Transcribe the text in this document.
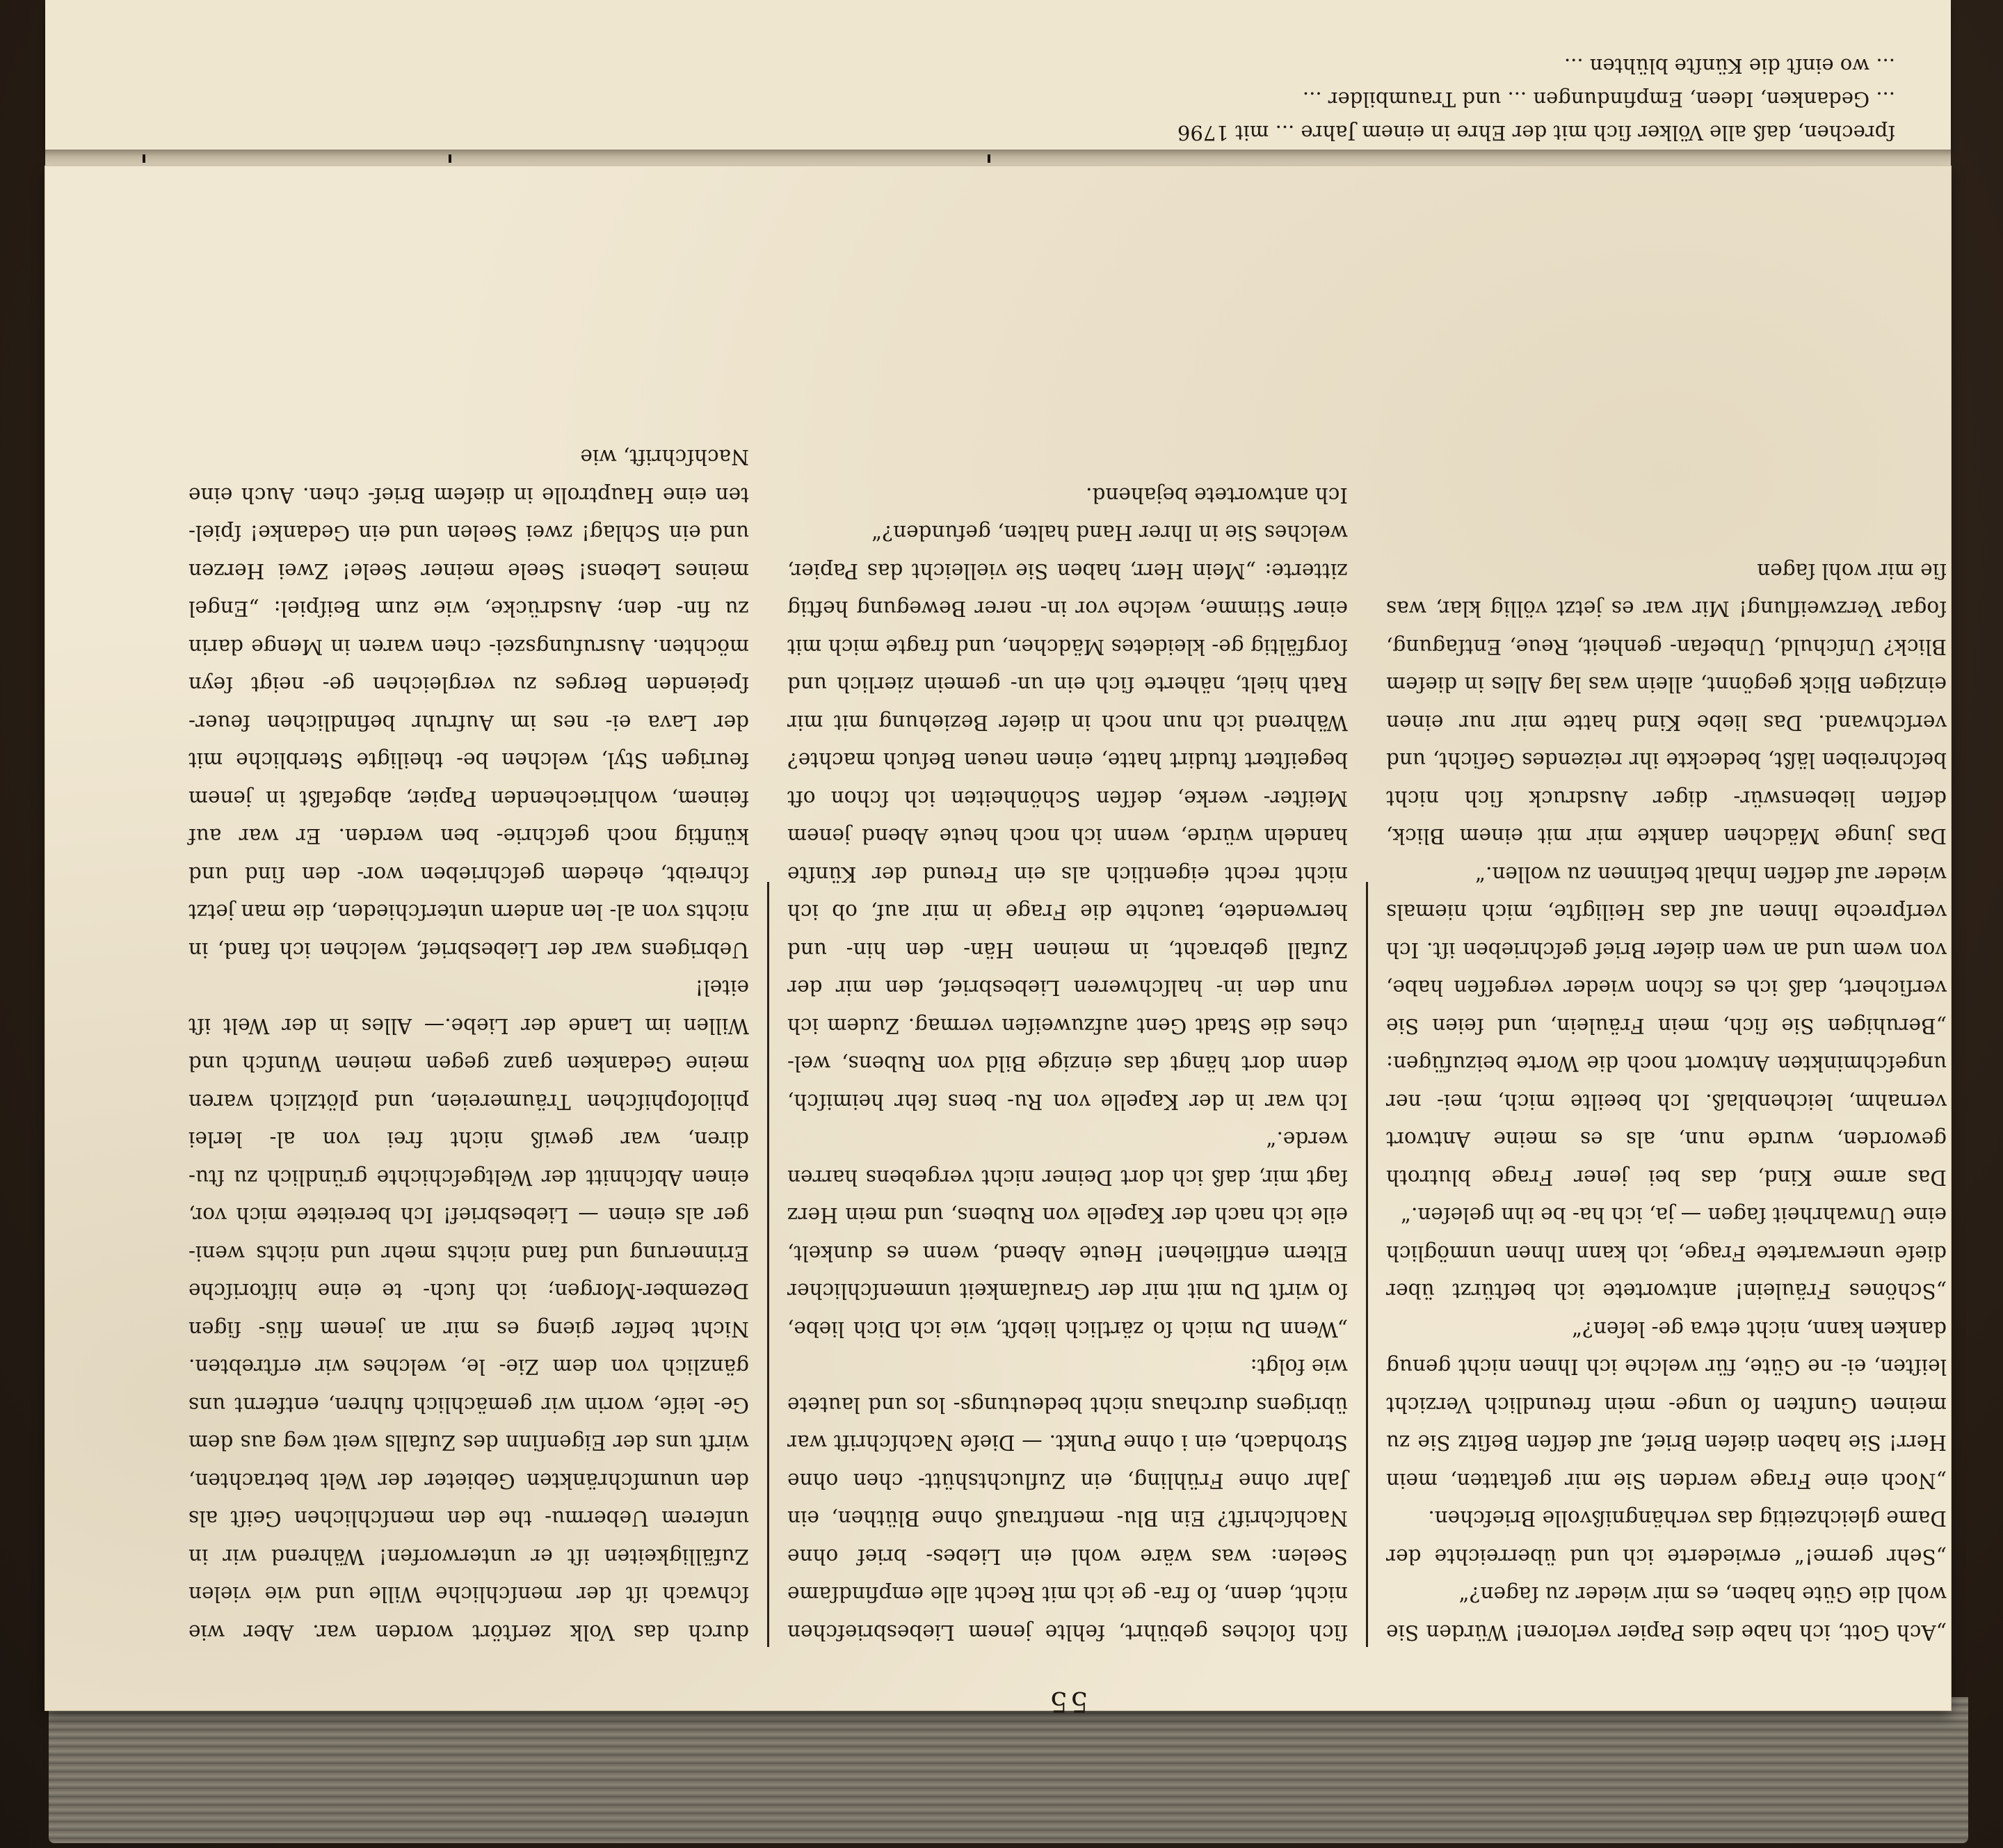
ſprechen, daß alle Völker ſich mit der Ehre in einem Jahre ... mit 1796
... Gedanken, Ideen, Empfindungen ... und Traumbilder ...
... wo einſt die Künſte blühten ...
55

„Ach Gott, ich habe dies Papier verloren! Würden Sie wohl die Güte haben, es mir wieder zu ſagen?“

„Sehr gerne!“ erwiederte ich und überreichte der Dame gleichzeitig das verhängnißvolle Briefchen.

„Noch eine Frage werden Sie mir geſtatten, mein Herr! Sie haben dieſen Brief, auf deſſen Beſitz Sie zu meinen Gunſten ſo unge- mein freundlich Verzicht leiſten, ei- ne Güte, für welche ich Ihnen nicht genug danken kann, nicht etwa ge- leſen?“

„Schönes Fräulein! antwortete ich beſtürzt über dieſe unerwartete Frage, ich kann Ihnen unmöglich eine Unwahrheit ſagen — ja, ich ha- be ihn geleſen.“

Das arme Kind, das bei jener Frage blutroth geworden, wurde nun, als es meine Antwort vernahm, leichenblaß. Ich beeilte mich, mei- ner ungeſchminkten Antwort noch die Worte beizufügen: „Beruhigen Sie ſich, mein Fräulein, und ſeien Sie verſichert, daß ich es ſchon wieder vergeſſen habe, von wem und an wen dieſer Brief geſchrieben iſt. Ich verſpreche Ihnen auf das Heiligſte, mich niemals wieder auf deſſen Inhalt beſinnen zu wollen.“

Das junge Mädchen dankte mir mit einem Blick, deſſen liebenswür- diger Ausdruck ſich nicht beſchreiben läßt, bedeckte ihr reizendes Geſicht, und verſchwand. Das liebe Kind hatte mir nur einen einzigen Blick gegönnt, allein was lag Alles in dieſem Blick? Unſchuld, Unbefan- genheit, Reue, Entſagung, ſogar Verzweiflung! Mir war es jetzt völlig klar, was ſie mir wohl ſagen

ſich ſolches gebührt, fehlte jenem Liebesbriefchen nicht, denn, ſo fra- ge ich mit Recht alle empfindſame Seelen: was wäre wohl ein Liebes- brief ohne Nachſchrift? Ein Blu- menſtrauß ohne Blüthen, ein Jahr ohne Frühling, ein Zufluchtshütt- chen ohne Strohdach, ein i ohne Punkt. — Dieſe Nachſchrift war übrigens durchaus nicht bedeutungs- los und lautete wie folgt:

„Wenn Du mich ſo zärtlich liebſt, wie ich Dich liebe, ſo wirſt Du mit mir der Grauſamkeit unmenſchlicher Eltern entfliehen! Heute Abend, wenn es dunkelt, eile ich nach der Kapelle von Rubens, und mein Herz ſagt mir, daß ich dort Deiner nicht vergebens harren werde.“

Ich war in der Kapelle von Ru- bens ſehr heimiſch, denn dort hängt das einzige Bild von Rubens, wel- ches die Stadt Gent aufzuweiſen vermag. Zudem ich nun den in- halſchweren Liebesbrief, den mir der Zufall gebracht, in meinen Hän- den hin- und herwendete, tauchte die Frage in mir auf, ob ich nicht recht eigentlich als ein Freund der Künſte handeln würde, wenn ich noch heute Abend jenem Meiſter- werke, deſſen Schönheiten ich ſchon oft begeiſtert ſtudirt hatte, einen neuen Beſuch machte? Während ich nun noch in dieſer Beziehung mit mir Rath hielt, näherte ſich ein un- gemein zierlich und ſorgfältig ge- kleidetes Mädchen, und fragte mich mit einer Stimme, welche vor in- nerer Bewegung heftig zitterte: „Mein Herr, haben Sie vielleicht das Papier, welches Sie in Ihrer Hand halten, gefunden?“

Ich antwortete bejahend.

durch das Volk zerſtört worden war. Aber wie ſchwach iſt der menſchliche Wille und wie vielen Zufälligkeiten iſt er unterworfen! Während wir in unſerem Uebermu- the den menſchlichen Geiſt als den unumſchränkten Gebieter der Welt betrachten, wirft uns der Eigenſinn des Zufalls weit weg aus dem Ge- leiſe, worin wir gemächlich fuhren, entfernt uns gänzlich von dem Zie- le, welches wir erſtrebten. Nicht beſſer gieng es mir an jenem flüs- ſigen Dezember-Morgen; ich ſuch- te eine hiſtoriſche Erinnerung und fand nichts mehr und nichts weni- ger als einen — Liebesbrief! Ich bereitete mich vor, einen Abſchnitt der Weltgeſchichte gründlich zu ſtu- diren, war gewiß nicht frei von al- lerlei philoſophiſchen Träumereien, und plötzlich waren meine Gedanken ganz gegen meinen Wunſch und Willen im Lande der Liebe.— Alles in der Welt iſt eitel!

Uebrigens war der Liebesbrief, welchen ich fand, in nichts von al- len andern unterſchieden, die man jetzt ſchreibt, ehedem geſchrieben wor- den ſind und künftig noch geſchrie- ben werden. Er war auf feinem, wohlriechenden Papier, abgefaßt in jenem feurigen Styl, welchen be- theiligte Sterbliche mit der Lava ei- nes im Aufruhr befindlichen feuer- ſpeienden Berges zu vergleichen ge- neigt ſeyn möchten. Ausrufungszei- chen waren in Menge darin zu fin- den; Ausdrücke, wie zum Beiſpiel: „Engel meines Lebens! Seele meiner Seele! Zwei Herzen und ein Schlag! zwei Seelen und ein Gedanke! ſpiel- ten eine Hauptrolle in dieſem Brief- chen. Auch eine Nachſchrift, wie
